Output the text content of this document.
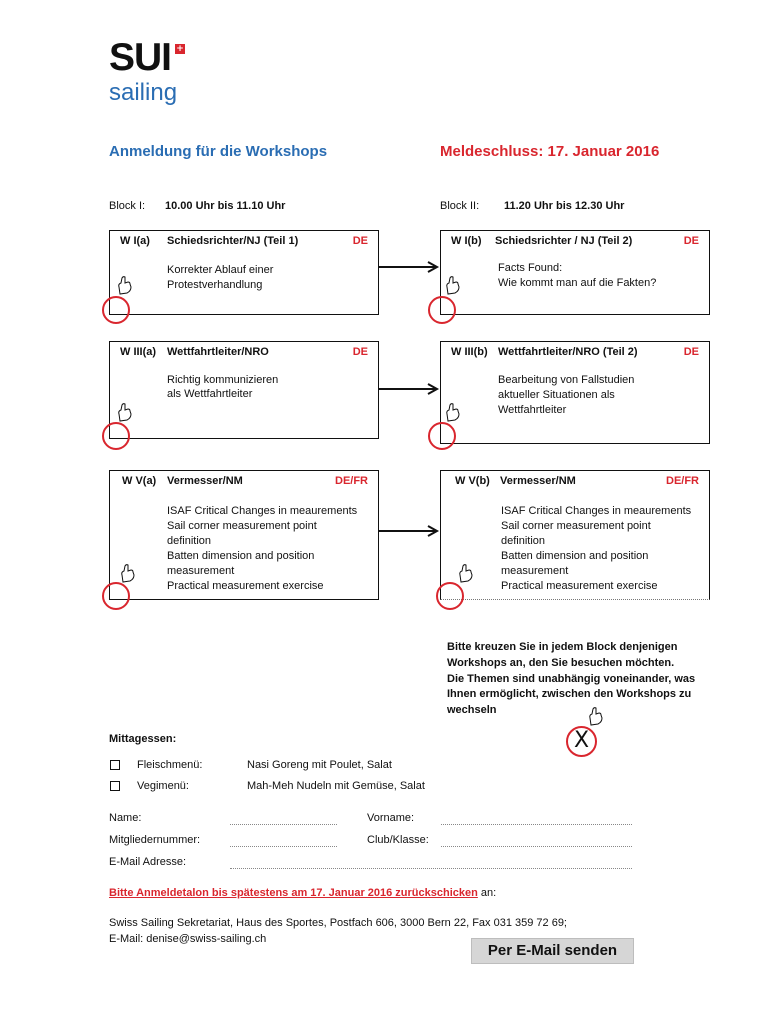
SUI +
sailing
Anmeldung für die Workshops	Meldeschluss: 17. Januar 2016
Block I: 10.00 Uhr bis 11.10 Uhr	Block II: 11.20 Uhr bis 12.30 Uhr
W I(a) Schiedsrichter/NJ (Teil 1)	DE
Korrekter Ablauf einer
Protestverhandlung
W I(b) Schiedsrichter / NJ (Teil 2)	DE
Facts Found:
Wie kommt man auf die Fakten?
W III(a) Wettfahrtleiter/NRO	DE
Richtig kommunizieren
als Wettfahrtleiter
W III(b) Wettfahrtleiter/NRO (Teil 2)	DE
Bearbeitung von Fallstudien
aktueller Situationen als
Wettfahrtleiter
W V(a) Vermesser/NM	DE/FR
ISAF Critical Changes in meaurements
Sail corner measurement point
definition
Batten dimension and position
measurement
Practical measurement exercise
W V(b) Vermesser/NM	DE/FR
ISAF Critical Changes in meaurements
Sail corner measurement point
definition
Batten dimension and position
measurement
Practical measurement exercise
Bitte kreuzen Sie in jedem Block denjenigen
Workshops an, den Sie besuchen möchten.
Die Themen sind unabhängig voneinander, was
Ihnen ermöglicht, zwischen den Workshops zu
wechseln
X
Mittagessen:
Fleischmenü:	Nasi Goreng mit Poulet, Salat
Vegimenü:	Mah-Meh Nudeln mit Gemüse, Salat
Name:	Vorname:
Mitgliedernummer:	Club/Klasse:
E-Mail Adresse:
Bitte Anmeldetalon bis spätestens am 17. Januar 2016 zurückschicken an:
Swiss Sailing Sekretariat, Haus des Sportes, Postfach 606, 3000 Bern 22, Fax 031 359 72 69;
E-Mail: denise@swiss-sailing.ch
Per E-Mail senden
